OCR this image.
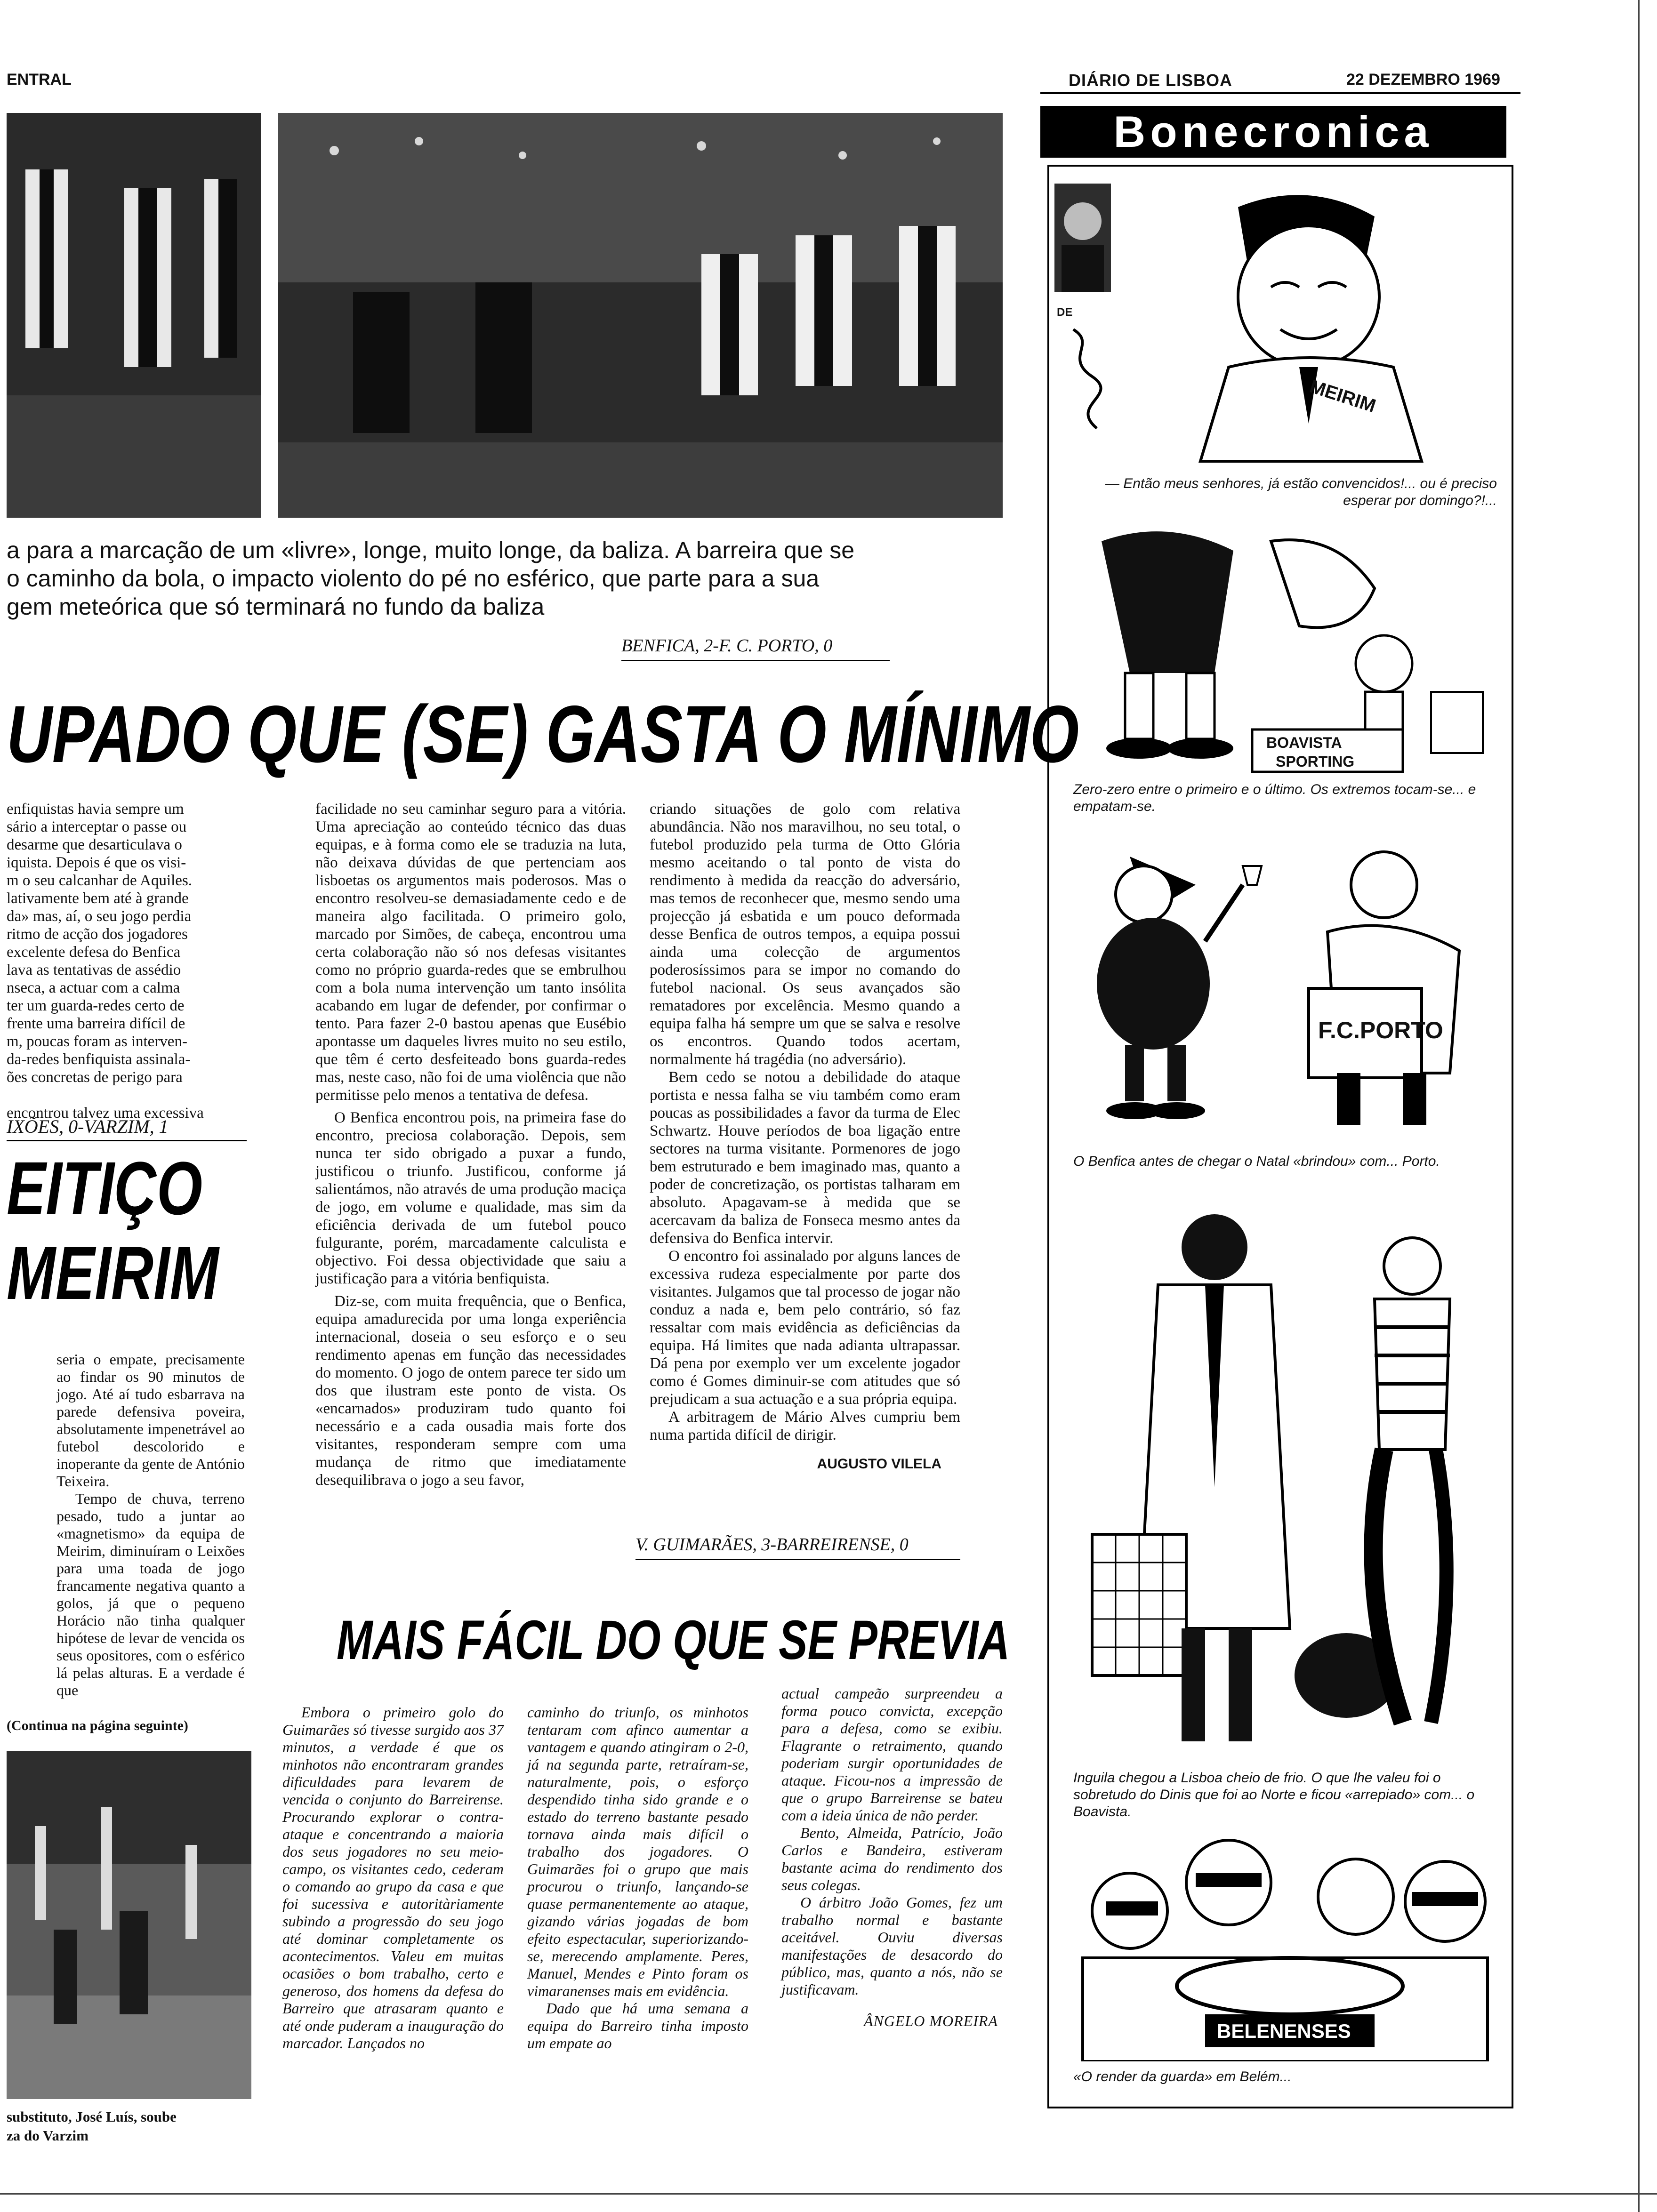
ENTRAL	DIÁRIO DE LISBOA	22 DEZEMBRO 1969
a para a marcação de um «livre», longe, muito longe, da baliza. A barreira que se
o caminho da bola, o impacto violento do pé no esférico, que parte para a sua
gem meteórica que só terminará no fundo da baliza
BENFICA, 2-F. C. PORTO, 0
UPADO QUE (SE) GASTA O MÍNIMO
enfiquistas havia sempre um
sário a interceptar o passe ou
desarme que desarticulava o
iquista. Depois é que os visi-
m o seu calcanhar de Aquiles.
lativamente bem até à grande
da» mas, aí, o seu jogo perdia
ritmo de acção dos jogadores
excelente defesa do Benfica
lava as tentativas de assédio
nseca, a actuar com a calma
ter um guarda-redes certo de
frente uma barreira difícil de
m, poucas foram as interven-
da-redes benfiquista assinala-
ões concretas de perigo para

encontrou talvez uma excessiva

facilidade no seu caminhar seguro para a vitória. Uma apreciação ao conteúdo técnico das duas equipas, e à forma como ele se traduzia na luta, não deixava dúvidas de que pertenciam aos lisboetas os argumentos mais poderosos. Mas o encontro resolveu-se demasiadamente cedo e de maneira algo facilitada. O primeiro golo, marcado por Simões, de cabeça, encontrou uma certa colaboração não só nos defesas visitantes como no próprio guarda-redes que se embrulhou com a bola numa intervenção um tanto insólita acabando em lugar de defender, por confirmar o tento. Para fazer 2-0 bastou apenas que Eusébio apontasse um daqueles livres muito no seu estilo, que têm é certo desfeiteado bons guarda-redes mas, neste caso, não foi de uma violência que não permitisse pelo menos a tentativa de defesa.

O Benfica encontrou pois, na primeira fase do encontro, preciosa colaboração. Depois, sem nunca ter sido obrigado a puxar a fundo, justificou o triunfo. Justificou, conforme já salientámos, não através de uma produção maciça de jogo, em volume e qualidade, mas sim da eficiência derivada de um futebol pouco fulgurante, porém, marcadamente calculista e objectivo. Foi dessa objectividade que saiu a justificação para a vitória benfiquista.

Diz-se, com muita frequência, que o Benfica, equipa amadurecida por uma longa experiência internacional, doseia o seu esforço e o seu rendimento apenas em função das necessidades do momento. O jogo de ontem parece ter sido um dos que ilustram este ponto de vista. Os «encarnados» produziram tudo quanto foi necessário e a cada ousadia mais forte dos visitantes, responderam sempre com uma mudança de ritmo que imediatamente desequilibrava o jogo a seu favor,

criando situações de golo com relativa abundância. Não nos maravilhou, no seu total, o futebol produzido pela turma de Otto Glória mesmo aceitando o tal ponto de vista do rendimento à medida da reacção do adversário, mas temos de reconhecer que, mesmo sendo uma projecção já esbatida e um pouco deformada desse Benfica de outros tempos, a equipa possui ainda uma colecção de argumentos poderosíssimos para se impor no comando do futebol nacional. Os seus avançados são rematadores por excelência. Mesmo quando a equipa falha há sempre um que se salva e resolve os encontros. Quando todos acertam, normalmente há tragédia (no adversário).

Bem cedo se notou a debilidade do ataque portista e nessa falha se viu também como eram poucas as possibilidades a favor da turma de Elec Schwartz. Houve períodos de boa ligação entre sectores na turma visitante. Pormenores de jogo bem estruturado e bem imaginado mas, quanto a poder de concretização, os portistas talharam em absoluto. Apagavam-se à medida que se acercavam da baliza de Fonseca mesmo antes da defensiva do Benfica intervir.

O encontro foi assinalado por alguns lances de excessiva rudeza especialmente por parte dos visitantes. Julgamos que tal processo de jogar não conduz a nada e, bem pelo contrário, só faz ressaltar com mais evidência as deficiências da equipa. Há limites que nada adianta ultrapassar. Dá pena por exemplo ver um excelente jogador como é Gomes diminuir-se com atitudes que só prejudicam a sua actuação e a sua própria equipa.

A arbitragem de Mário Alves cumpriu bem numa partida difícil de dirigir.

AUGUSTO VILELA

IXÕES, 0-VARZIM, 1
EITIÇO
MEIRIM

seria o empate, precisamente ao findar os 90 minutos de jogo. Até aí tudo esbarrava na parede defensiva poveira, absolutamente impenetrável ao futebol descolorido e inoperante da gente de António Teixeira.

Tempo de chuva, terreno pesado, tudo a juntar ao «magnetismo» da equipa de Meirim, diminuíram o Leixões para uma toada de jogo francamente negativa quanto a golos, já que o pequeno Horácio não tinha qualquer hipótese de levar de vencida os seus opositores, com o esférico lá pelas alturas. E a verdade é que

(Continua na página seguinte)
substituto, José Luís, soube
za do Varzim
V. GUIMARÃES, 3-BARREIRENSE, 0
MAIS FÁCIL DO QUE SE PREVIA

Embora o primeiro golo do Guimarães só tivesse surgido aos 37 minutos, a verdade é que os minhotos não encontraram grandes dificuldades para levarem de vencida o conjunto do Barreirense. Procurando explorar o contra-ataque e concentrando a maioria dos seus jogadores no seu meio-campo, os visitantes cedo, cederam o comando ao grupo da casa e que foi sucessiva e autoritàriamente subindo a progressão do seu jogo até dominar completamente os acontecimentos. Valeu em muitas ocasiões o bom trabalho, certo e generoso, dos homens da defesa do Barreiro que atrasaram quanto e até onde puderam a inauguração do marcador. Lançados no

caminho do triunfo, os minhotos tentaram com afinco aumentar a vantagem e quando atingiram o 2-0, já na segunda parte, retraíram-se, naturalmente, pois, o esforço despendido tinha sido grande e o estado do terreno bastante pesado tornava ainda mais difícil o trabalho dos jogadores. O Guimarães foi o grupo que mais procurou o triunfo, lançando-se quase permanentemente ao ataque, gizando várias jogadas de bom efeito espectacular, superiorizando-se, merecendo amplamente. Peres, Manuel, Mendes e Pinto foram os vimaranenses mais em evidência.

Dado que há uma semana a equipa do Barreiro tinha imposto um empate ao

actual campeão surpreendeu a forma pouco convicta, excepção para a defesa, como se exibiu. Flagrante o retraimento, quando poderiam surgir oportunidades de ataque. Ficou-nos a impressão de que o grupo Barreirense se bateu com a ideia única de não perder.

Bento, Almeida, Patrício, João Carlos e Bandeira, estiveram bastante acima do rendimento dos seus colegas.

O árbitro João Gomes, fez um trabalho normal e bastante aceitável. Ouviu diversas manifestações de desacordo do público, mas, quanto a nós, não se justificavam.

ÂNGELO MOREIRA

Bonecronica
DE
MEIRIM
— Então meus senhores, já estão convencidos!... ou é preciso esperar por domingo?!...
BOAVISTA
SPORTING
Zero-zero entre o primeiro e o último. Os extremos tocam-se... e empatam-se.
F.C.PORTO
O Benfica antes de chegar o Natal «brindou» com... Porto.
Inguila chegou a Lisboa cheio de frio. O que lhe valeu foi o sobretudo do Dinis que foi ao Norte e ficou «arrepiado» com... o Boavista.
BELENENSES
«O render da guarda» em Belém...
